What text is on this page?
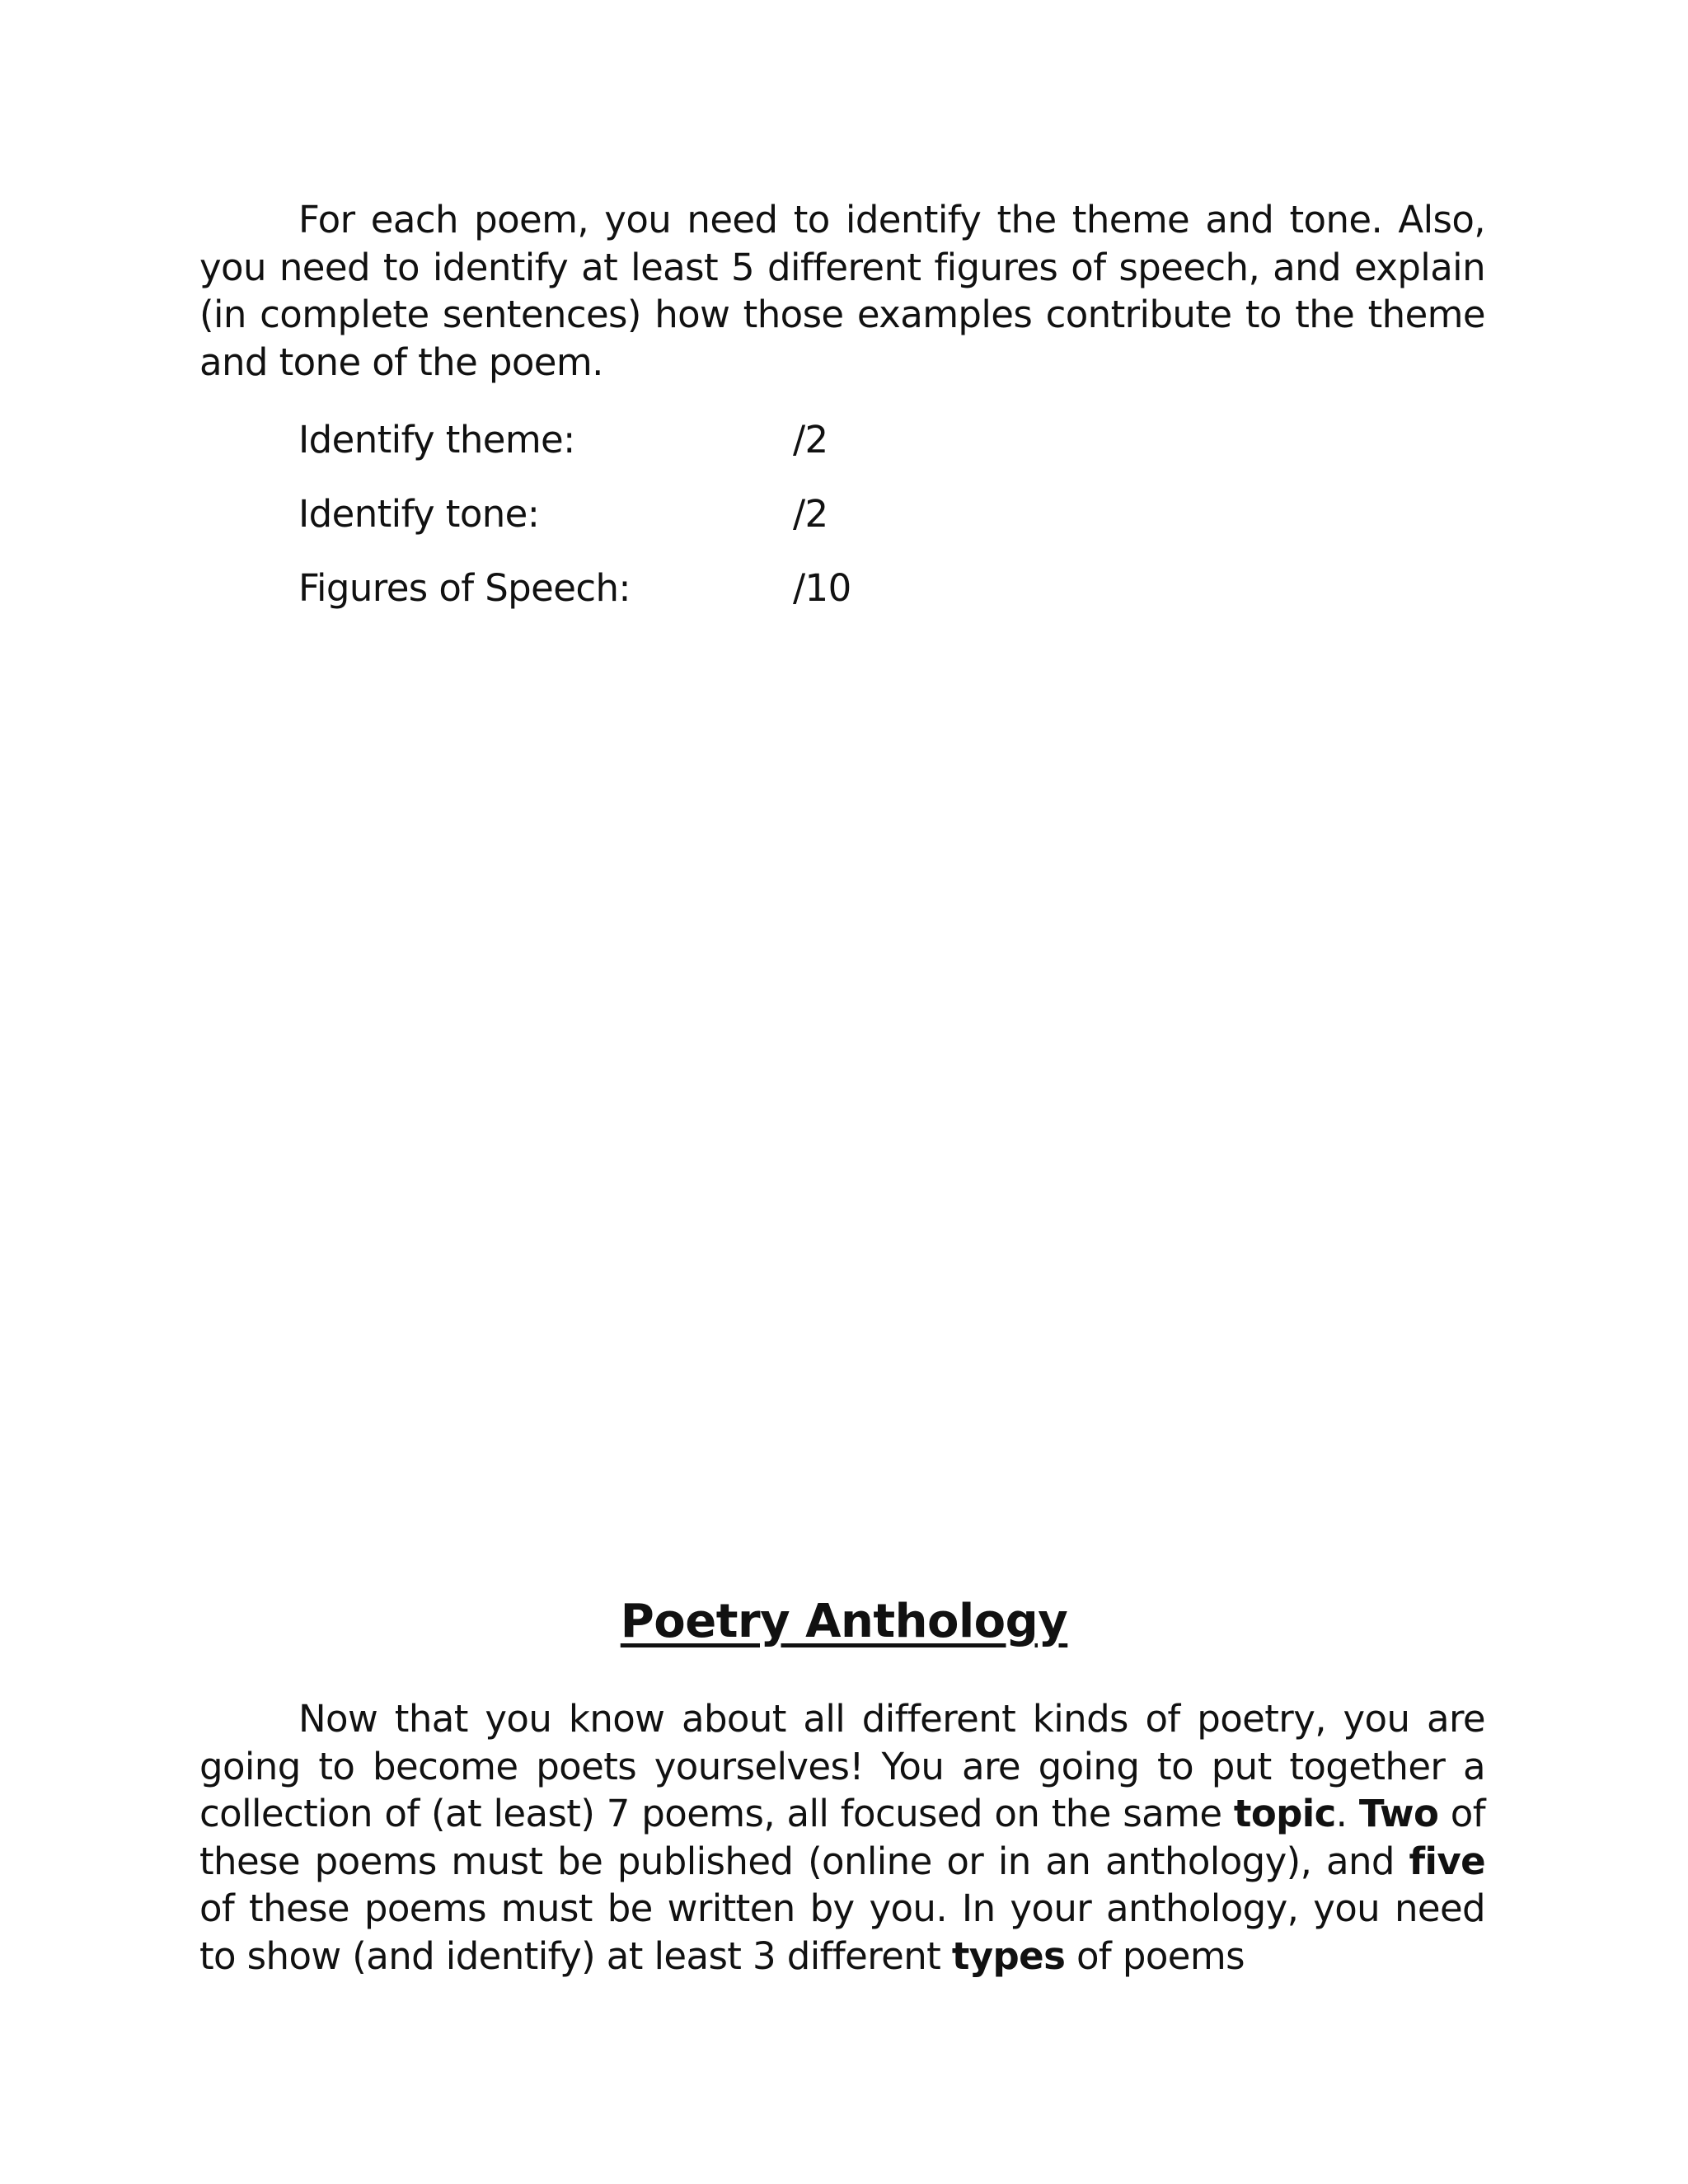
For each poem, you need to identify the theme and tone. Also, you need to identify at least 5 different figures of speech, and explain (in complete sentences) how those examples contribute to the theme and tone of the poem.

Identify theme:	/2
Identify tone:	/2
Figures of Speech:	/10
Poetry Anthology

Now that you know about all different kinds of poetry, you are going to become poets yourselves! You are going to put together a collection of (at least) 7 poems, all focused on the same topic. Two of these poems must be published (online or in an anthology), and five of these poems must be written by you. In your anthology, you need to show (and identify) at least 3 different types of poems
